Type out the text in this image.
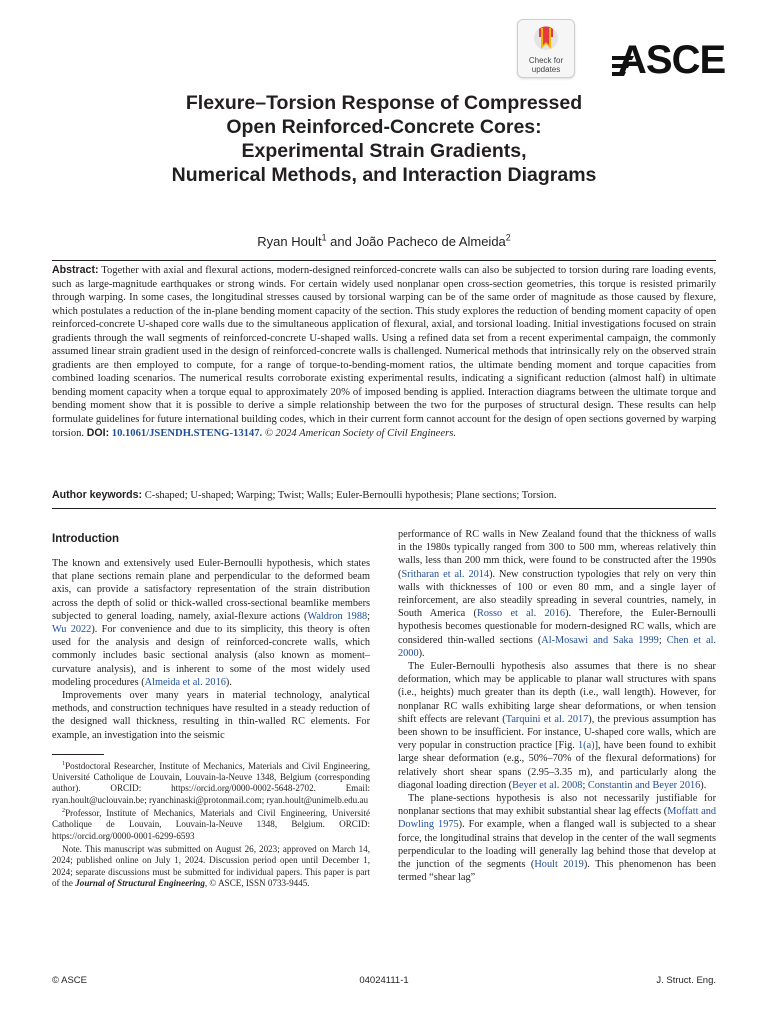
Check for
updates	ASCE
Flexure–Torsion Response of Compressed
Open Reinforced-Concrete Cores:
Experimental Strain Gradients,
Numerical Methods, and Interaction Diagrams
Ryan Hoult$^1$ and João Pacheco de Almeida$^2$
Abstract: Together with axial and flexural actions, modern-designed reinforced-concrete walls can also be subjected to torsion during rare loading events, such as large-magnitude earthquakes or strong winds. For certain widely used nonplanar open cross-section geometries, this torque is resisted primarily through warping. In some cases, the longitudinal stresses caused by torsional warping can be of the same order of magnitude as those caused by flexure, which postulates a reduction of the in-plane bending moment capacity of the section. This study explores the reduction of bending moment capacity of open reinforced-concrete U-shaped core walls due to the simultaneous application of flexural, axial, and torsional loading. Initial investigations focused on strain gradients through the wall segments of reinforced-concrete U-shaped walls. Using a refined data set from a recent experimental campaign, the commonly assumed linear strain gradient used in the design of reinforced-concrete walls is challenged. Numerical methods that intrinsically rely on the observed strain gradients are then employed to compute, for a range of torque-to-bending-moment ratios, the ultimate bending moment and torque capacities from combined loading scenarios. The numerical results corroborate existing experimental results, indicating a significant reduction (almost half) in ultimate bending moment capacity when a torque equal to approximately 20% of imposed bending is applied. Interaction diagrams between the ultimate torque and bending moment show that it is possible to derive a simple relationship between the two for the purposes of structural design. These results can help formulate guidelines for future international building codes, which in their current form cannot account for the design of open sections governed by warping torsion. DOI: 10.1061/JSENDH.STENG-13147. © 2024 American Society of Civil Engineers.
Author keywords: C-shaped; U-shaped; Warping; Twist; Walls; Euler-Bernoulli hypothesis; Plane sections; Torsion.
Introduction

The known and extensively used Euler-Bernoulli hypothesis, which states that plane sections remain plane and perpendicular to the deformed beam axis, can provide a satisfactory representation of the strain distribution across the depth of solid or thick-walled cross-sectional beamlike members subjected to general loading, namely, axial-flexure actions (Waldron 1988; Wu 2022). For convenience and due to its simplicity, this theory is often used for the analysis and design of reinforced-concrete walls, which commonly includes basic sectional analysis (also known as moment–curvature analysis), and is inherent to some of the most widely used modeling procedures (Almeida et al. 2016).

Improvements over many years in material technology, analytical methods, and construction techniques have resulted in a steady reduction of the designed wall thickness, resulting in thin-walled RC elements. For example, an investigation into the seismic

$^1$Postdoctoral Researcher, Institute of Mechanics, Materials and Civil Engineering, Université Catholique de Louvain, Louvain-la-Neuve 1348, Belgium (corresponding author). ORCID: https://orcid.org/0000-0002-5648-2702. Email: ryan.hoult@uclouvain.be; ryanchinaski@protonmail.com; ryan.hoult@unimelb.edu.au

$^2$Professor, Institute of Mechanics, Materials and Civil Engineering, Université Catholique de Louvain, Louvain-la-Neuve 1348, Belgium. ORCID: https://orcid.org/0000-0001-6299-6593

Note. This manuscript was submitted on August 26, 2023; approved on March 14, 2024; published online on July 1, 2024. Discussion period open until December 1, 2024; separate discussions must be submitted for individual papers. This paper is part of the Journal of Structural Engineering, © ASCE, ISSN 0733-9445.

performance of RC walls in New Zealand found that the thickness of walls in the 1980s typically ranged from 300 to 500 mm, whereas relatively thin walls, less than 200 mm thick, were found to be constructed after the 1990s (Sritharan et al. 2014). New construction typologies that rely on very thin walls with thicknesses of 100 or even 80 mm, and a single layer of reinforcement, are also steadily spreading in several countries, namely, in South America (Rosso et al. 2016). Therefore, the Euler-Bernoulli hypothesis becomes questionable for modern-designed RC walls, which are considered thin-walled sections (Al-Mosawi and Saka 1999; Chen et al. 2000).

The Euler-Bernoulli hypothesis also assumes that there is no shear deformation, which may be applicable to planar wall structures with spans (i.e., heights) much greater than its depth (i.e., wall length). However, for nonplanar RC walls exhibiting large shear deformations, or when tension shift effects are relevant (Tarquini et al. 2017), the previous assumption has been shown to be insufficient. For instance, U-shaped core walls, which are very popular in construction practice [Fig. 1(a)], have been found to exhibit large shear deformation (e.g., 50%–70% of the flexural deformations) for relatively short shear spans (2.95–3.35 m), and particularly along the diagonal loading direction (Beyer et al. 2008; Constantin and Beyer 2016).

The plane-sections hypothesis is also not necessarily justifiable for nonplanar sections that may exhibit substantial shear lag effects (Moffatt and Dowling 1975). For example, when a flanged wall is subjected to a shear force, the longitudinal strains that develop in the center of the wall segments perpendicular to the loading will generally lag behind those that develop at the junction of the segments (Hoult 2019). This phenomenon has been termed “shear lag”

© ASCE	04024111-1	J. Struct. Eng.
